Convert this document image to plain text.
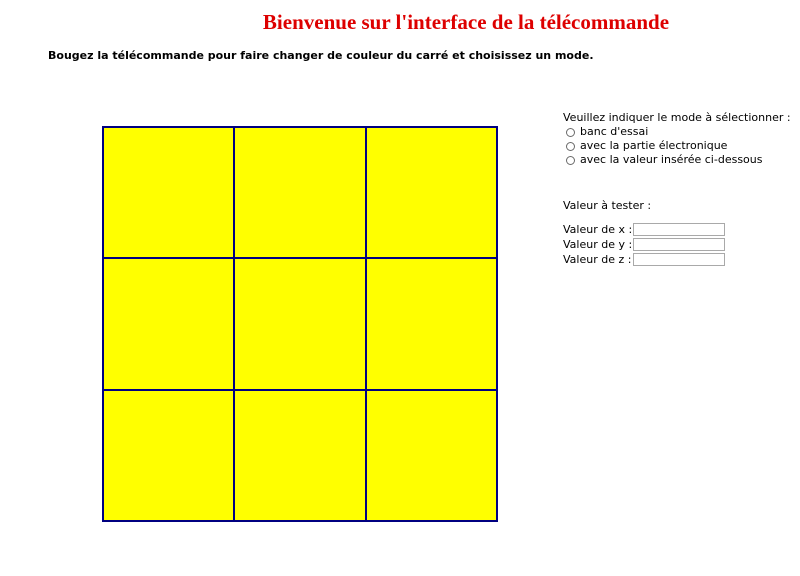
Bienvenue sur l'interface de la télécommande
Bougez la télécommande pour faire changer de couleur du carré et choisissez un mode.
Veuillez indiquer le mode à sélectionner :
banc d'essai
avec la partie électronique
avec la valeur insérée ci-dessous
Valeur à tester :
Valeur de x :
Valeur de y :
Valeur de z :
